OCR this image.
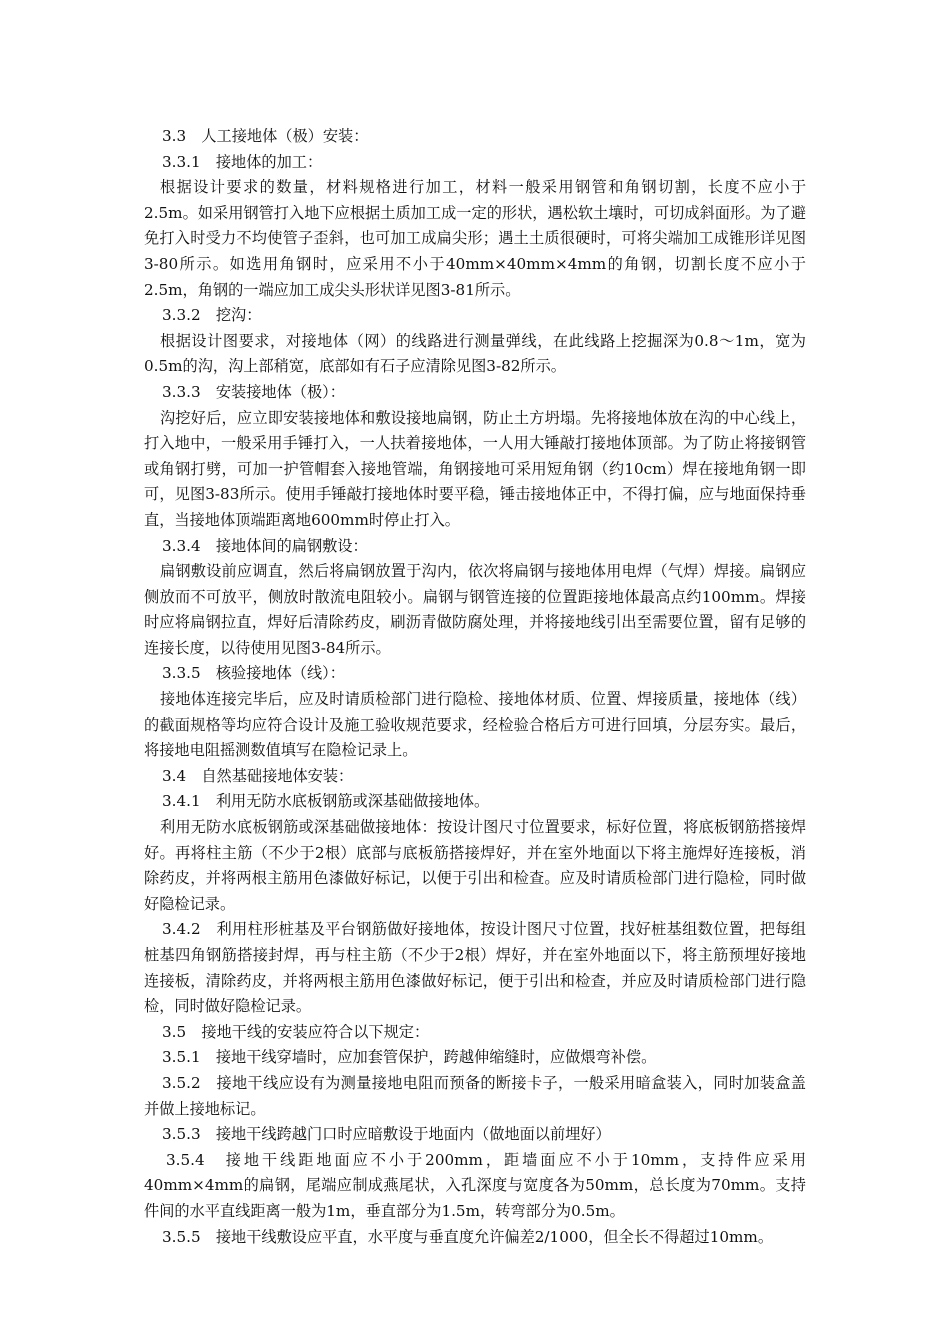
3.3　人工接地体（极）安装：

3.3.1　接地体的加工：

根据设计要求的数量，材料规格进行加工，材料一般采用钢管和角钢切割，长度不应小于2.5m。如采用钢管打入地下应根据土质加工成一定的形状，遇松软土壤时，可切成斜面形。为了避免打入时受力不均使管子歪斜，也可加工成扁尖形；遇土土质很硬时，可将尖端加工成锥形详见图3-80所示。如选用角钢时，应采用不小于40mm×40mm×4mm的角钢，切割长度不应小于2.5m，角钢的一端应加工成尖头形状详见图3-81所示。

3.3.2　挖沟：

根据设计图要求，对接地体（网）的线路进行测量弹线，在此线路上挖掘深为0.8～1m，宽为0.5m的沟，沟上部稍宽，底部如有石子应清除见图3-82所示。

3.3.3　安装接地体（极）：

沟挖好后，应立即安装接地体和敷设接地扁钢，防止土方坍塌。先将接地体放在沟的中心线上，打入地中，一般采用手锤打入，一人扶着接地体，一人用大锤敲打接地体顶部。为了防止将接钢管或角钢打劈，可加一护管帽套入接地管端，角钢接地可采用短角钢（约10cm）焊在接地角钢一即可，见图3-83所示。使用手锤敲打接地体时要平稳，锤击接地体正中，不得打偏，应与地面保持垂直，当接地体顶端距离地600mm时停止打入。

3.3.4　接地体间的扁钢敷设：

扁钢敷设前应调直，然后将扁钢放置于沟内，依次将扁钢与接地体用电焊（气焊）焊接。扁钢应侧放而不可放平，侧放时散流电阻较小。扁钢与钢管连接的位置距接地体最高点约100mm。焊接时应将扁钢拉直，焊好后清除药皮，刷沥青做防腐处理，并将接地线引出至需要位置，留有足够的连接长度，以待使用见图3-84所示。

3.3.5　核验接地体（线）：

接地体连接完毕后，应及时请质检部门进行隐检、接地体材质、位置、焊接质量，接地体（线）的截面规格等均应符合设计及施工验收规范要求，经检验合格后方可进行回填，分层夯实。最后，将接地电阻摇测数值填写在隐检记录上。

3.4　自然基础接地体安装：

3.4.1　利用无防水底板钢筋或深基础做接地体。

利用无防水底板钢筋或深基础做接地体：按设计图尺寸位置要求，标好位置，将底板钢筋搭接焊好。再将柱主筋（不少于2根）底部与底板筋搭接焊好，并在室外地面以下将主施焊好连接板，消除药皮，并将两根主筋用色漆做好标记，以便于引出和检查。应及时请质检部门进行隐检，同时做好隐检记录。

3.4.2　利用柱形桩基及平台钢筋做好接地体，按设计图尺寸位置，找好桩基组数位置，把每组桩基四角钢筋搭接封焊，再与柱主筋（不少于2根）焊好，并在室外地面以下，将主筋预埋好接地连接板，清除药皮，并将两根主筋用色漆做好标记，便于引出和检查，并应及时请质检部门进行隐检，同时做好隐检记录。

3.5　接地干线的安装应符合以下规定：

3.5.1　接地干线穿墙时，应加套管保护，跨越伸缩缝时，应做煨弯补偿。

3.5.2　接地干线应设有为测量接地电阻而预备的断接卡子，一般采用暗盒装入，同时加装盒盖并做上接地标记。

3.5.3　接地干线跨越门口时应暗敷设于地面内（做地面以前埋好）

3.5.4　接地干线距地面应不小于200mm，距墙面应不小于10mm，支持件应采用40mm×4mm的扁钢，尾端应制成燕尾状，入孔深度与宽度各为50mm，总长度为70mm。支持件间的水平直线距离一般为1m，垂直部分为1.5m，转弯部分为0.5m。

3.5.5　接地干线敷设应平直，水平度与垂直度允许偏差2/1000，但全长不得超过10mm。
